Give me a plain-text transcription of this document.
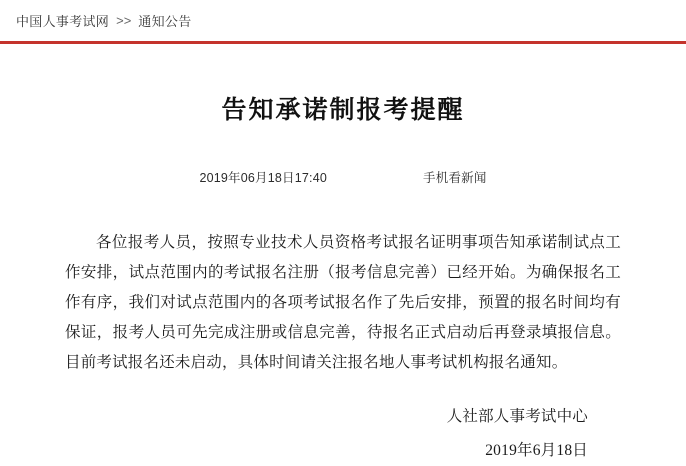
中国人事考试网 >> 通知公告
告知承诺制报考提醒
2019年06月18日17:40	手机看新闻

各位报考人员，按照专业技术人员资格考试报名证明事项告知承诺制试点工作安排，试点范围内的考试报名注册（报考信息完善）已经开始。为确保报名工作有序，我们对试点范围内的各项考试报名作了先后安排，预置的报名时间均有保证，报考人员可先完成注册或信息完善，待报名正式启动后再登录填报信息。目前考试报名还未启动，具体时间请关注报名地人事考试机构报名通知。

人社部人事考试中心
2019年6月18日
